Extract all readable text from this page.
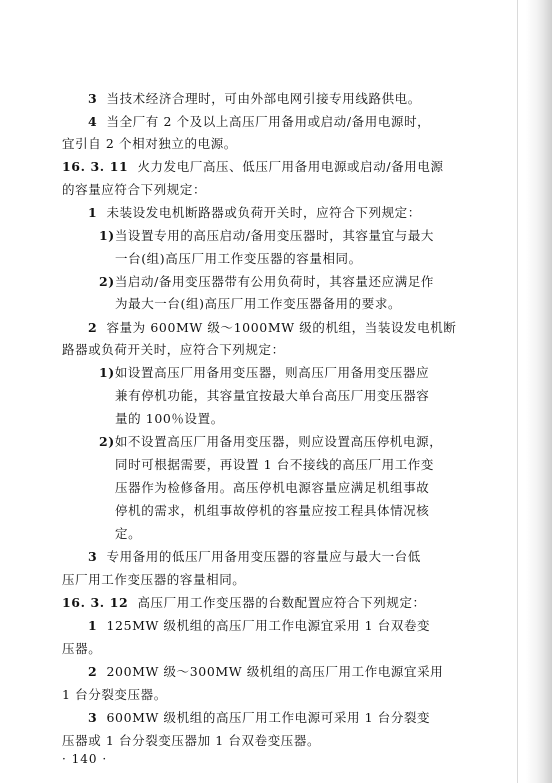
3 当技术经济合理时，可由外部电网引接专用线路供电。
4 当全厂有 2 个及以上高压厂用备用或启动/备用电源时，
宜引自 2 个相对独立的电源。
16. 3. 11 火力发电厂高压、低压厂用备用电源或启动/备用电源
的容量应符合下列规定：
1 未装设发电机断路器或负荷开关时，应符合下列规定：
1)当设置专用的高压启动/备用变压器时，其容量宜与最大
一台(组)高压厂用工作变压器的容量相同。
2)当启动/备用变压器带有公用负荷时，其容量还应满足作
为最大一台(组)高压厂用工作变压器备用的要求。
2 容量为 600MW 级～1000MW 级的机组，当装设发电机断
路器或负荷开关时，应符合下列规定：
1)如设置高压厂用备用变压器，则高压厂用备用变压器应
兼有停机功能，其容量宜按最大单台高压厂用变压器容
量的 100％设置。
2)如不设置高压厂用备用变压器，则应设置高压停机电源，
同时可根据需要，再设置 1 台不接线的高压厂用工作变
压器作为检修备用。高压停机电源容量应满足机组事故
停机的需求，机组事故停机的容量应按工程具体情况核
定。
3 专用备用的低压厂用备用变压器的容量应与最大一台低
压厂用工作变压器的容量相同。
16. 3. 12 高压厂用工作变压器的台数配置应符合下列规定：
1 125MW 级机组的高压厂用工作电源宜采用 1 台双卷变
压器。
2 200MW 级～300MW 级机组的高压厂用工作电源宜采用
1 台分裂变压器。
3 600MW 级机组的高压厂用工作电源可采用 1 台分裂变
· 140 ·
压器或 1 台分裂变压器加 1 台双卷变压器。
